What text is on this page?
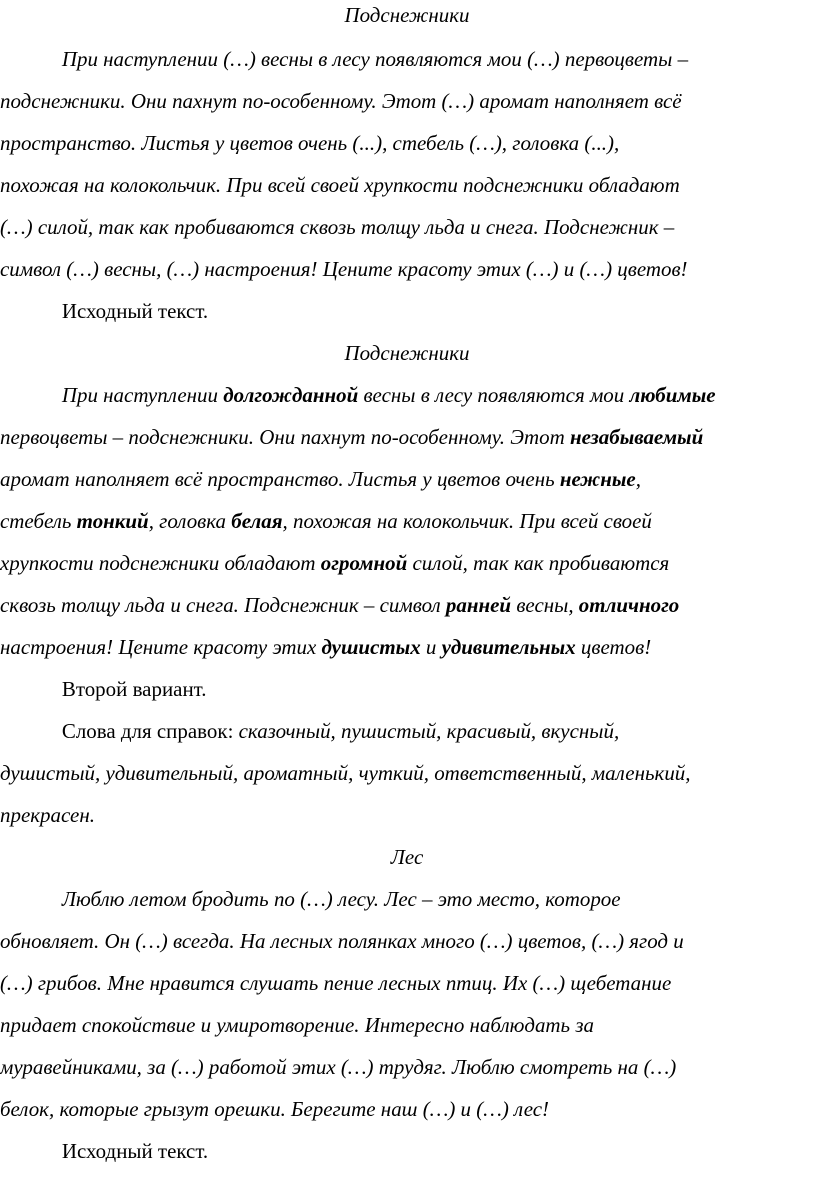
Подснежники
При наступлении (…) весны в лесу появляются мои (…) первоцветы –
подснежники. Они пахнут по-особенному. Этот (…) аромат наполняет всё
пространство. Листья у цветов очень (...), стебель (…), головка (...),
похожая на колокольчик. При всей своей хрупкости подснежники обладают
(…) силой, так как пробиваются сквозь толщу льда и снега. Подснежник –
символ (…) весны, (…) настроения! Цените красоту этих (…) и (…) цветов!
Исходный текст.
Подснежники
При наступлении долгожданной весны в лесу появляются мои любимые
первоцветы – подснежники. Они пахнут по-особенному. Этот незабываемый
аромат наполняет всё пространство. Листья у цветов очень нежные,
стебель тонкий, головка белая, похожая на колокольчик. При всей своей
хрупкости подснежники обладают огромной силой, так как пробиваются
сквозь толщу льда и снега. Подснежник – символ ранней весны, отличного
настроения! Цените красоту этих душистых и удивительных цветов!
Второй вариант.
Слова для справок: сказочный, пушистый, красивый, вкусный,
душистый, удивительный, ароматный, чуткий, ответственный, маленький,
прекрасен.
Лес
Люблю летом бродить по (…) лесу. Лес – это место, которое
обновляет. Он (…) всегда. На лесных полянках много (…) цветов, (…) ягод и
(…) грибов. Мне нравится слушать пение лесных птиц. Их (…) щебетание
придает спокойствие и умиротворение. Интересно наблюдать за
муравейниками, за (…) работой этих (…) трудяг. Люблю смотреть на (…)
белок, которые грызут орешки. Берегите наш (…) и (…) лес!
Исходный текст.
